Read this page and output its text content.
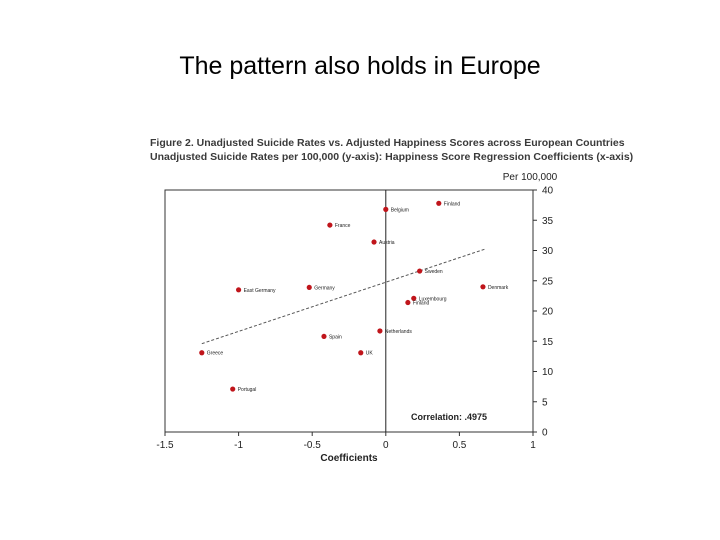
The pattern also holds in Europe
Figure 2. Unadjusted Suicide Rates vs. Adjusted Happiness Scores across European Countries
Unadjusted Suicide Rates per 100,000 (y-axis): Happiness Score Regression Coefficients (x-axis)
-1.5	-1	-0.5	0	0.5	1
0
5
10
15
20
25
30
35
40
Finland
Belgium
France
Austria
Sweden
Denmark
East Germany	Germany
Luxembourg
Finland
Netherlands
Spain
Greece	UK
Portugal
Per 100,000
Coefficients
Correlation: .4975
